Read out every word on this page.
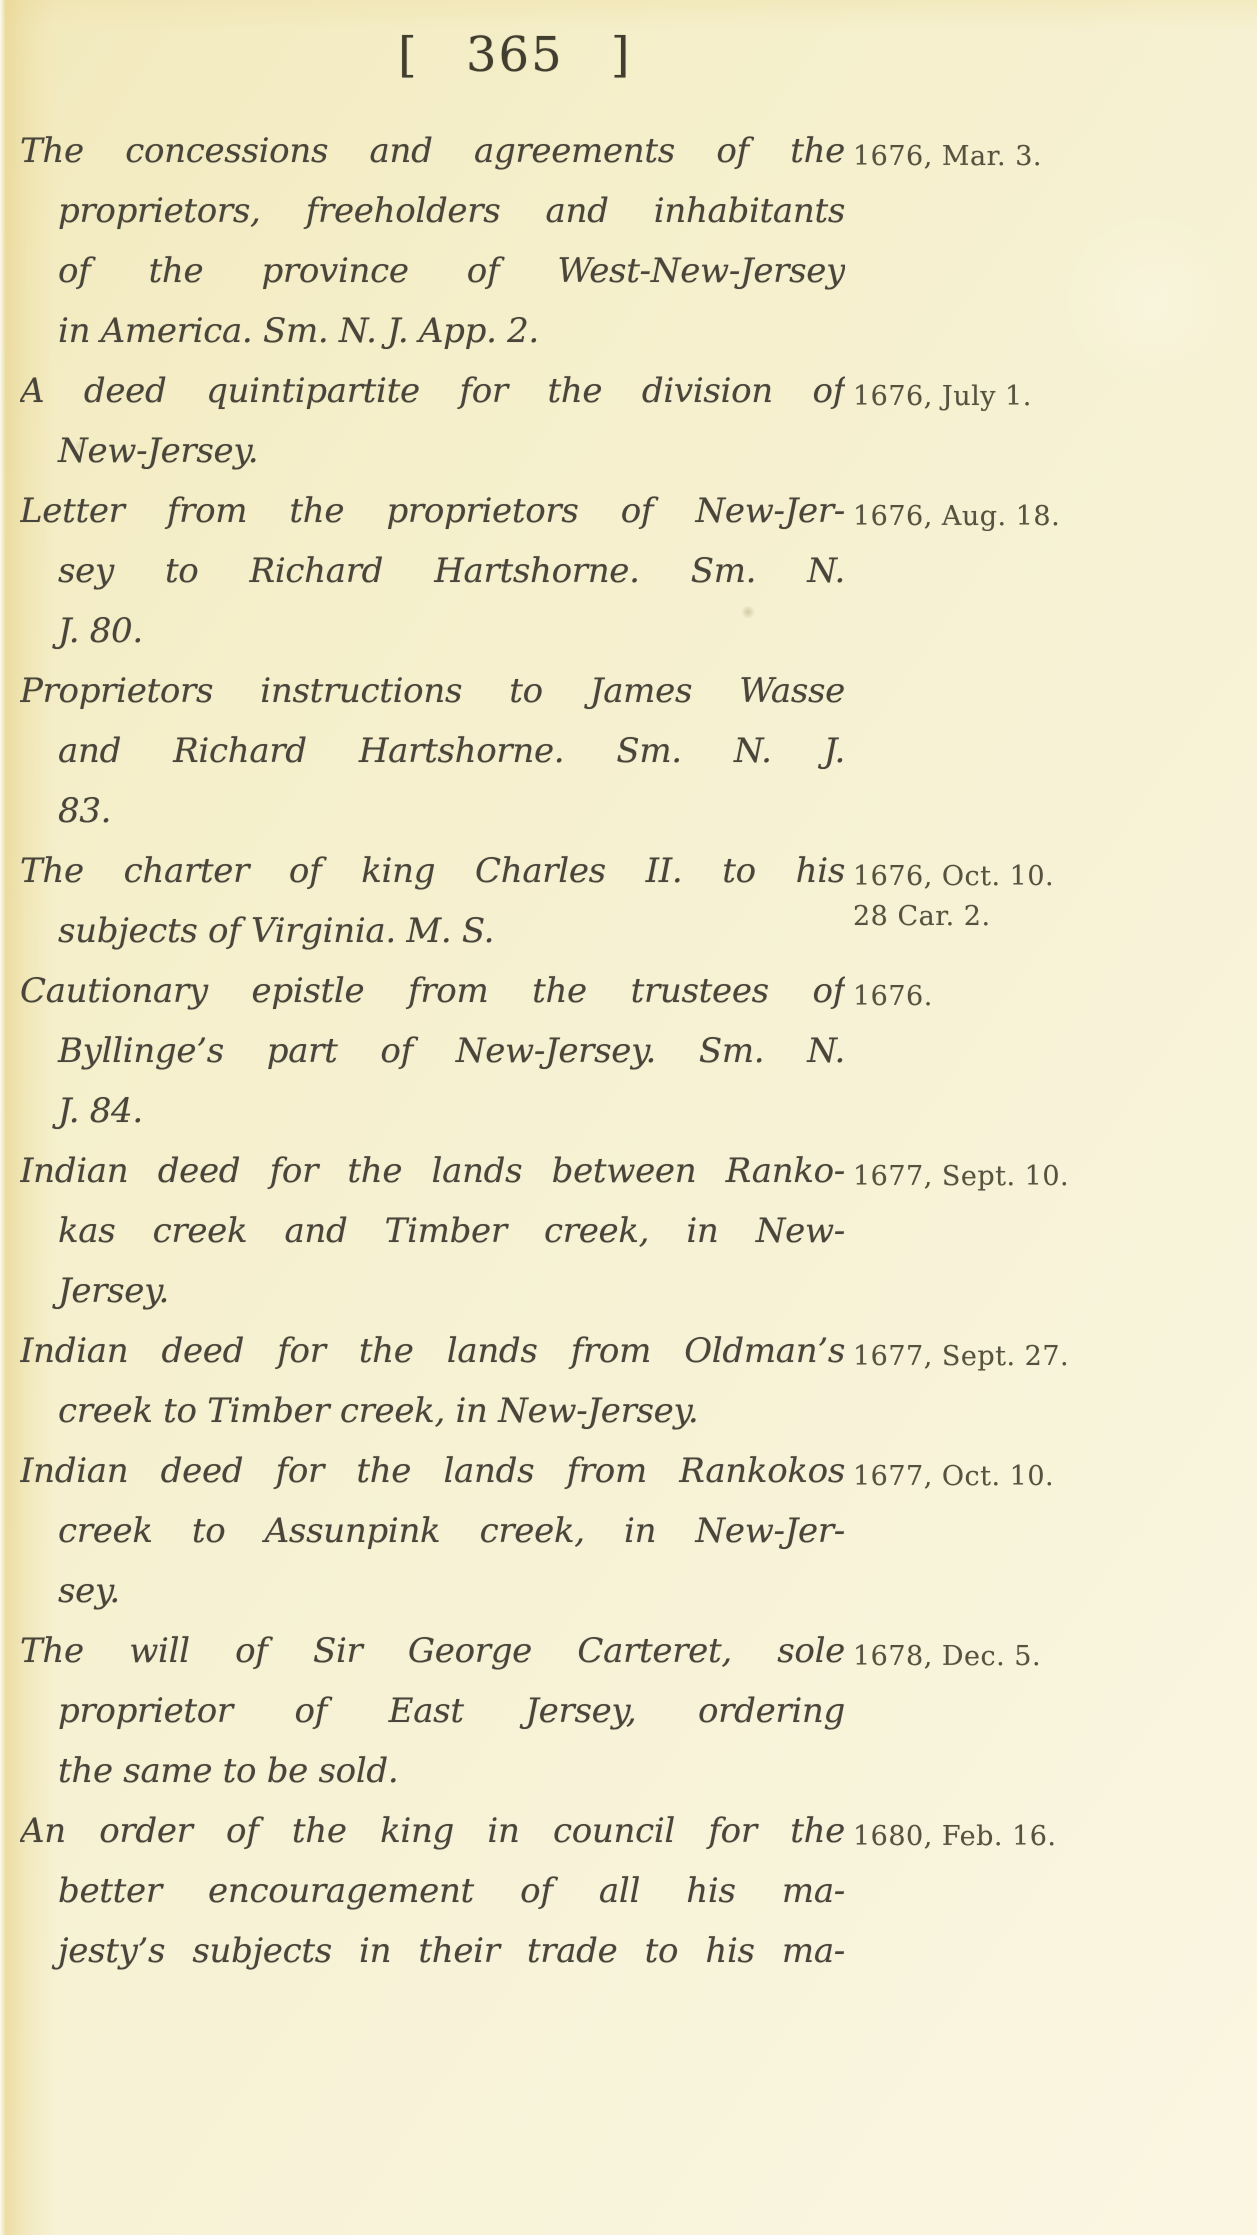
[ 365 ]
The concessions and agreements of the
proprietors, freeholders and inhabitants
of the province of West-New-Jersey
in America. Sm. N. J. App. 2.
1676, Mar. 3.
A deed quintipartite for the division of
New-Jersey.
1676, July 1.
Letter from the proprietors of New-Jer-
sey to Richard Hartshorne. Sm. N.
J. 80.
1676, Aug. 18.
Proprietors instructions to James Wasse
and Richard Hartshorne. Sm. N. J.
83.
The charter of king Charles II. to his
subjects of Virginia. M. S.
1676, Oct. 10.
28 Car. 2.
Cautionary epistle from the trustees of
Byllinge’s part of New-Jersey. Sm. N.
J. 84.
1676.
Indian deed for the lands between Ranko-
kas creek and Timber creek, in New-
Jersey.
1677, Sept. 10.
Indian deed for the lands from Oldman’s
creek to Timber creek, in New-Jersey.
1677, Sept. 27.
Indian deed for the lands from Rankokos
creek to Assunpink creek, in New-Jer-
sey.
1677, Oct. 10.
The will of Sir George Carteret, sole
proprietor of East Jersey, ordering
the same to be sold.
1678, Dec. 5.
An order of the king in council for the
better encouragement of all his ma-
jesty’s subjects in their trade to his ma-
1680, Feb. 16.
